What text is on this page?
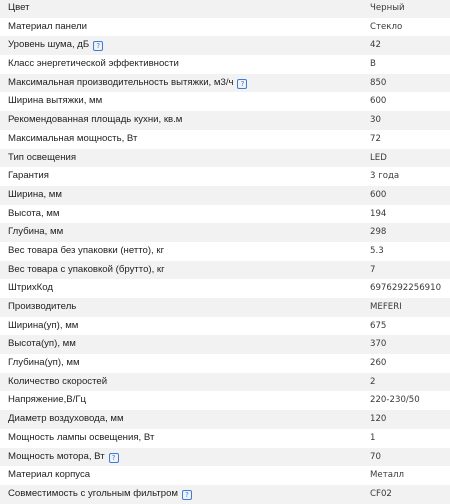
Цвет	Черный
Материал панели	Стекло
Уровень шума, дБ ?	42
Класс энергетической эффективности	B
Максимальная производительность вытяжки, м3/ч ?	850
Ширина вытяжки, мм	600
Рекомендованная площадь кухни, кв.м	30
Максимальная мощность, Вт	72
Тип освещения	LED
Гарантия	3 года
Ширина, мм	600
Высота, мм	194
Глубина, мм	298
Вес товара без упаковки (нетто), кг	5.3
Вес товара с упаковкой (брутто), кг	7
ШтрихКод	6976292256910
Производитель	MEFERI
Ширина(уп), мм	675
Высота(уп), мм	370
Глубина(уп), мм	260
Количество скоростей	2
Напряжение,В/Гц	220-230/50
Диаметр воздуховода, мм	120
Мощность лампы освещения, Вт	1
Мощность мотора, Вт ?	70
Материал корпуса	Металл
Совместимость с угольным фильтром ?	CF02
